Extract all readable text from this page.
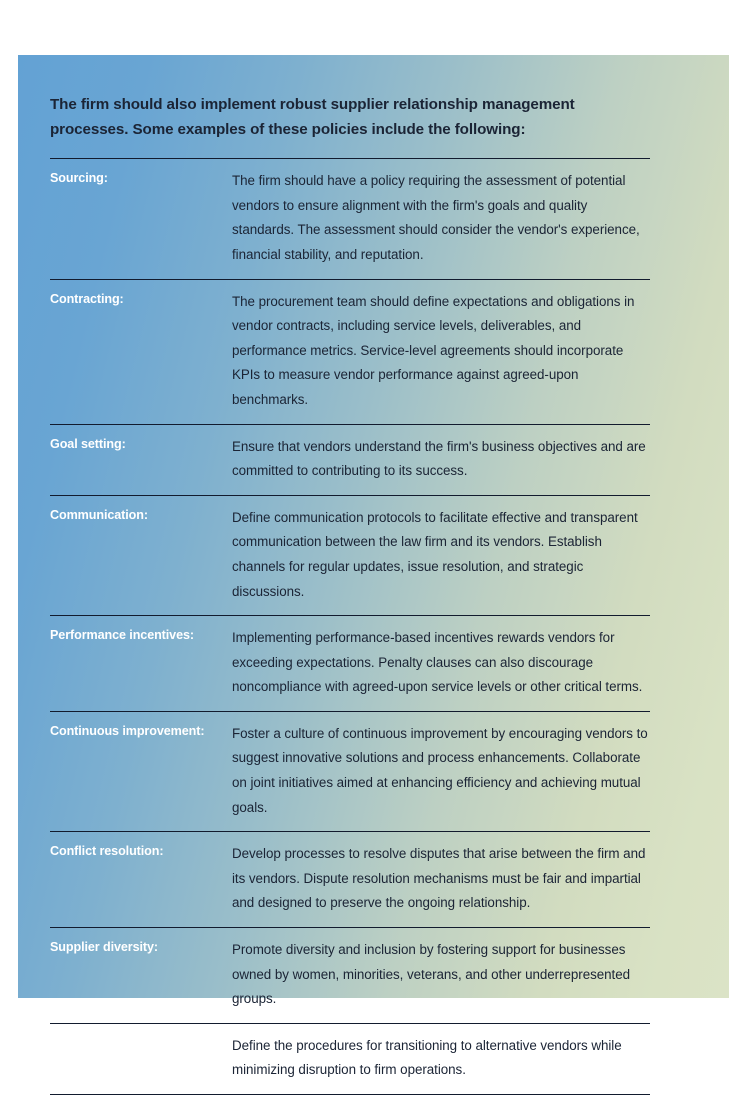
The firm should also implement robust supplier relationship management processes. Some examples of these policies include the following:

Sourcing:	The firm should have a policy requiring the assessment of potential vendors to ensure alignment with the firm's goals and quality standards. The assessment should consider the vendor's experience, financial stability, and reputation.
Contracting:	The procurement team should define expectations and obligations in vendor contracts, including service levels, deliverables, and performance metrics. Service-level agreements should incorporate KPIs to measure vendor performance against agreed-upon benchmarks.
Goal setting:	Ensure that vendors understand the firm's business objectives and are committed to contributing to its success.
Communication:	Define communication protocols to facilitate effective and transparent communication between the law firm and its vendors. Establish channels for regular updates, issue resolution, and strategic discussions.
Performance incentives:	Implementing performance-based incentives rewards vendors for exceeding expectations. Penalty clauses can also discourage noncompliance with agreed-upon service levels or other critical terms.
Continuous improvement:	Foster a culture of continuous improvement by encouraging vendors to suggest innovative solutions and process enhancements. Collaborate on joint initiatives aimed at enhancing efficiency and achieving mutual goals.
Conflict resolution:	Develop processes to resolve disputes that arise between the firm and its vendors. Dispute resolution mechanisms must be fair and impartial and designed to preserve the ongoing relationship.
Supplier diversity:	Promote diversity and inclusion by fostering support for businesses owned by women, minorities, veterans, and other underrepresented groups.
Exit strategies:	Define the procedures for transitioning to alternative vendors while minimizing disruption to firm operations.
